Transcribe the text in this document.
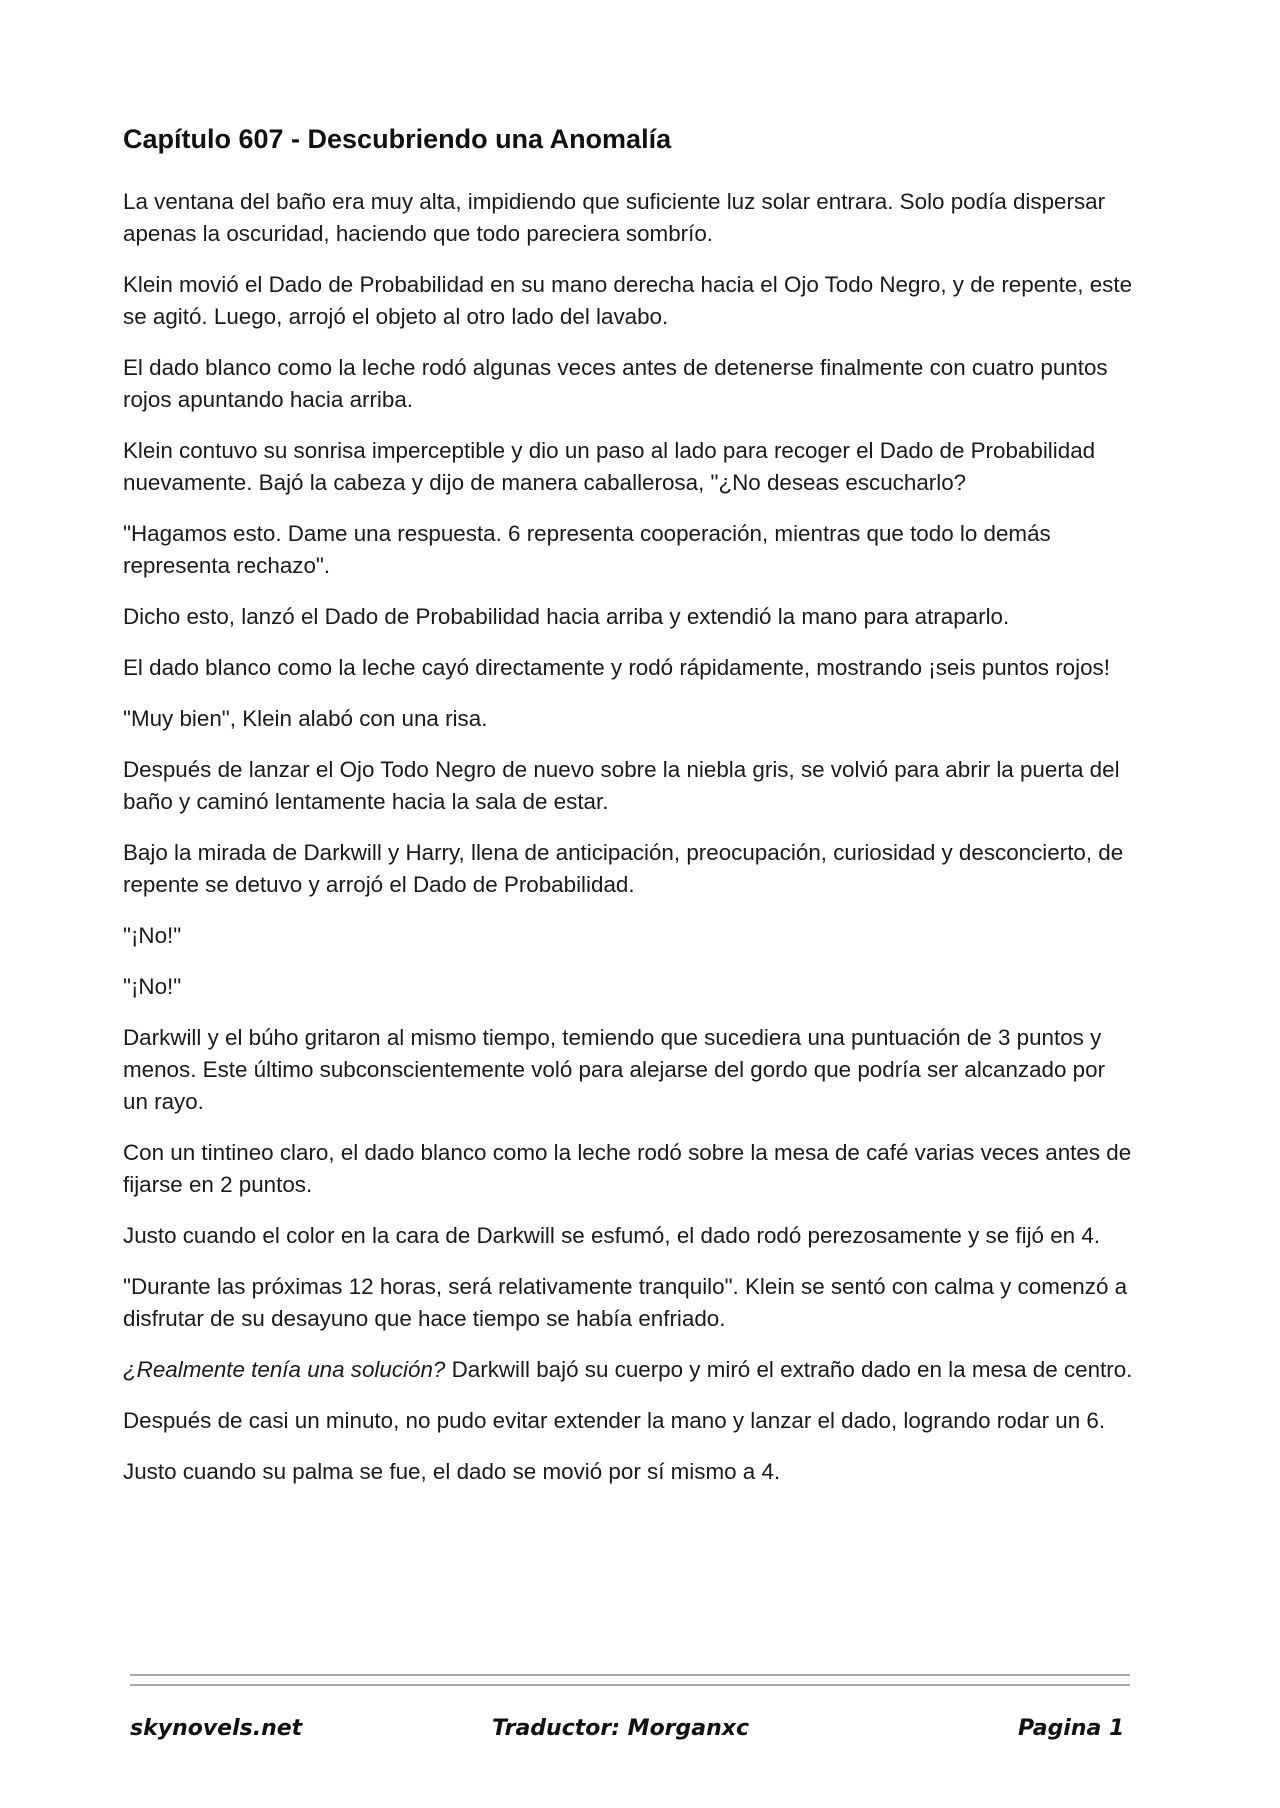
Capítulo 607 - Descubriendo una Anomalía

La ventana del baño era muy alta, impidiendo que suficiente luz solar entrara. Solo podía dispersar apenas la oscuridad, haciendo que todo pareciera sombrío.

Klein movió el Dado de Probabilidad en su mano derecha hacia el Ojo Todo Negro, y de repente, este se agitó. Luego, arrojó el objeto al otro lado del lavabo.

El dado blanco como la leche rodó algunas veces antes de detenerse finalmente con cuatro puntos rojos apuntando hacia arriba.

Klein contuvo su sonrisa imperceptible y dio un paso al lado para recoger el Dado de Probabilidad nuevamente. Bajó la cabeza y dijo de manera caballerosa, "¿No deseas escucharlo?

"Hagamos esto. Dame una respuesta. 6 representa cooperación, mientras que todo lo demás representa rechazo".

Dicho esto, lanzó el Dado de Probabilidad hacia arriba y extendió la mano para atraparlo.

El dado blanco como la leche cayó directamente y rodó rápidamente, mostrando ¡seis puntos rojos!

"Muy bien", Klein alabó con una risa.

Después de lanzar el Ojo Todo Negro de nuevo sobre la niebla gris, se volvió para abrir la puerta del baño y caminó lentamente hacia la sala de estar.

Bajo la mirada de Darkwill y Harry, llena de anticipación, preocupación, curiosidad y desconcierto, de repente se detuvo y arrojó el Dado de Probabilidad.

"¡No!"

"¡No!"

Darkwill y el búho gritaron al mismo tiempo, temiendo que sucediera una puntuación de 3 puntos y menos. Este último subconscientemente voló para alejarse del gordo que podría ser alcanzado por un rayo.

Con un tintineo claro, el dado blanco como la leche rodó sobre la mesa de café varias veces antes de fijarse en 2 puntos.

Justo cuando el color en la cara de Darkwill se esfumó, el dado rodó perezosamente y se fijó en 4.

"Durante las próximas 12 horas, será relativamente tranquilo". Klein se sentó con calma y comenzó a disfrutar de su desayuno que hace tiempo se había enfriado.

¿Realmente tenía una solución? Darkwill bajó su cuerpo y miró el extraño dado en la mesa de centro.

Después de casi un minuto, no pudo evitar extender la mano y lanzar el dado, logrando rodar un 6.

Justo cuando su palma se fue, el dado se movió por sí mismo a 4.

skynovels.net	Traductor: Morganxc	Pagina 1
